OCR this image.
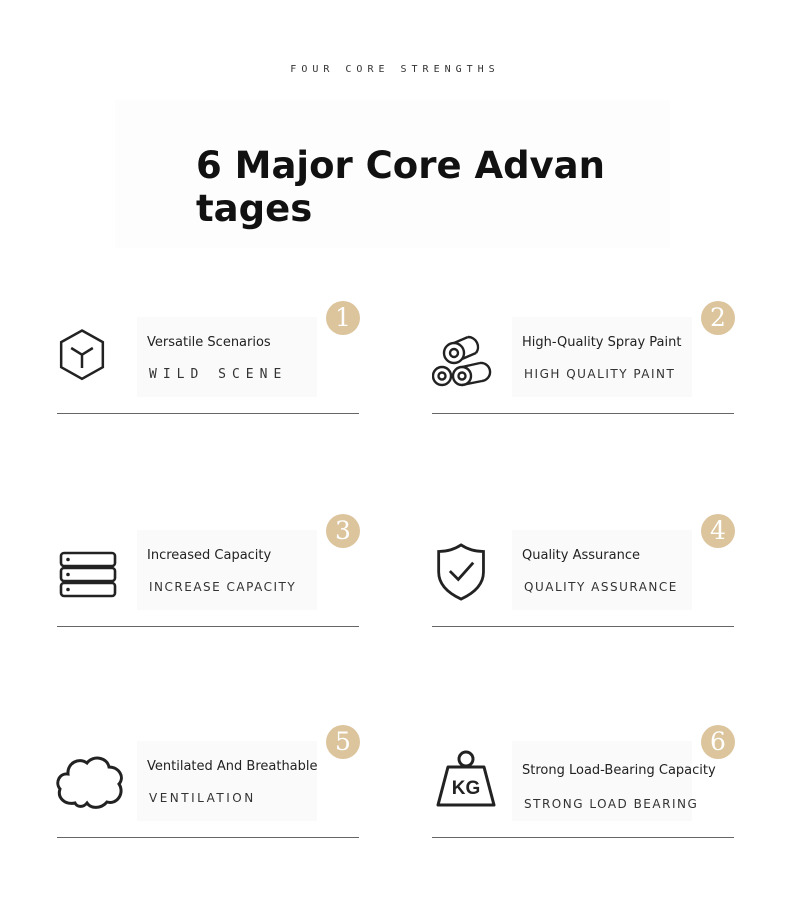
FOUR CORE STRENGTHS
6 Major Core Advantages
Versatile Scenarios
WILD SCENE
1
High-Quality Spray Paint
HIGH QUALITY PAINT
2
Increased Capacity
INCREASE CAPACITY
3
Quality Assurance
QUALITY ASSURANCE
4
Ventilated And Breathable
VENTILATION
5
KG
Strong Load-Bearing Capacity
STRONG LOAD BEARING
6
